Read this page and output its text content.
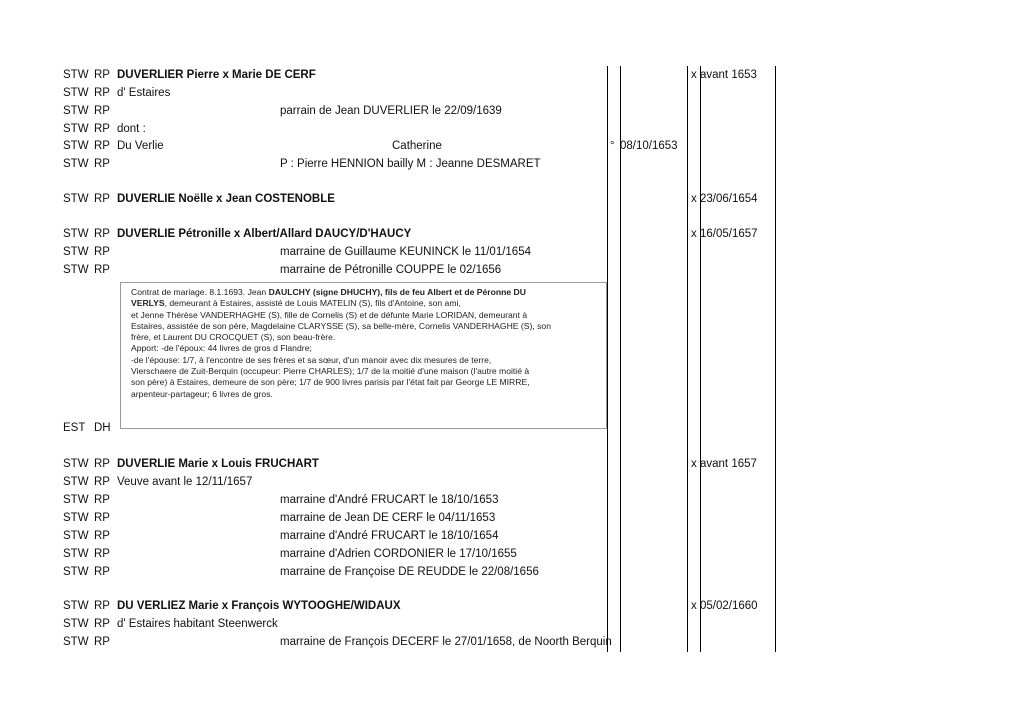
STW RP DUVERLIER Pierre x Marie DE CERF	x avant 1653
STW RP d' Estaires
STW RP	parrain de Jean DUVERLIER le 22/09/1639
STW RP dont :
STW RP Du Verlie	Catherine	° 08/10/1653
STW RP	P : Pierre HENNION bailly M : Jeanne DESMARET
STW RP DUVERLIE Noëlle x Jean COSTENOBLE	x 23/06/1654
STW RP DUVERLIE Pétronille x Albert/Allard DAUCY/D'HAUCY	x 16/05/1657
STW RP	marraine de Guillaume KEUNINCK le 11/01/1654
STW RP	marraine de Pétronille COUPPE le 02/1656
EST DH
STW RP DUVERLIE Marie x Louis FRUCHART	x avant 1657
STW RP Veuve avant le 12/11/1657
STW RP	marraine d'André FRUCART le 18/10/1653
STW RP	marraine de Jean DE CERF le 04/11/1653
STW RP	marraine d'André FRUCART le 18/10/1654
STW RP	marraine d'Adrien CORDONIER le 17/10/1655
STW RP	marraine de Françoise DE REUDDE le 22/08/1656
STW RP DU VERLIEZ Marie x François WYTOOGHE/WIDAUX	x 05/02/1660
STW RP d' Estaires habitant Steenwerck
STW RP	marraine de François DECERF le 27/01/1658, de Noorth Berquin
Contrat de mariage. 8.1.1693. Jean DAULCHY (signe DHUCHY), fils de feu Albert et de Péronne DU
VERLYS, demeurant à Estaires, assisté de Louis MATELIN (S), fils d'Antoine, son ami,
et Jenne Thérèse VANDERHAGHE (S), fille de Cornelis (S) et de défunte Marie LORIDAN, demeurant à
Estaires, assistée de son père, Magdelaine CLARYSSE (S), sa belle-mère, Cornelis VANDERHAGHE (S), son
frère, et Laurent DU CROCQUET (S), son beau-frère.
Apport: -de l'époux: 44 livres de gros d Flandre;
-de l'épouse: 1/7, à l'encontre de ses frères et sa sœur, d'un manoir avec dix mesures de terre,
Vierschaere de Zuit-Berquin (occupeur: Pierre CHARLES); 1/7 de la moitié d'une maison (l'autre moitié à
son père) à Estaires, demeure de son père; 1/7 de 900 livres parisis par l'état fait par George LE MIRRE,
arpenteur-partageur; 6 livres de gros.
